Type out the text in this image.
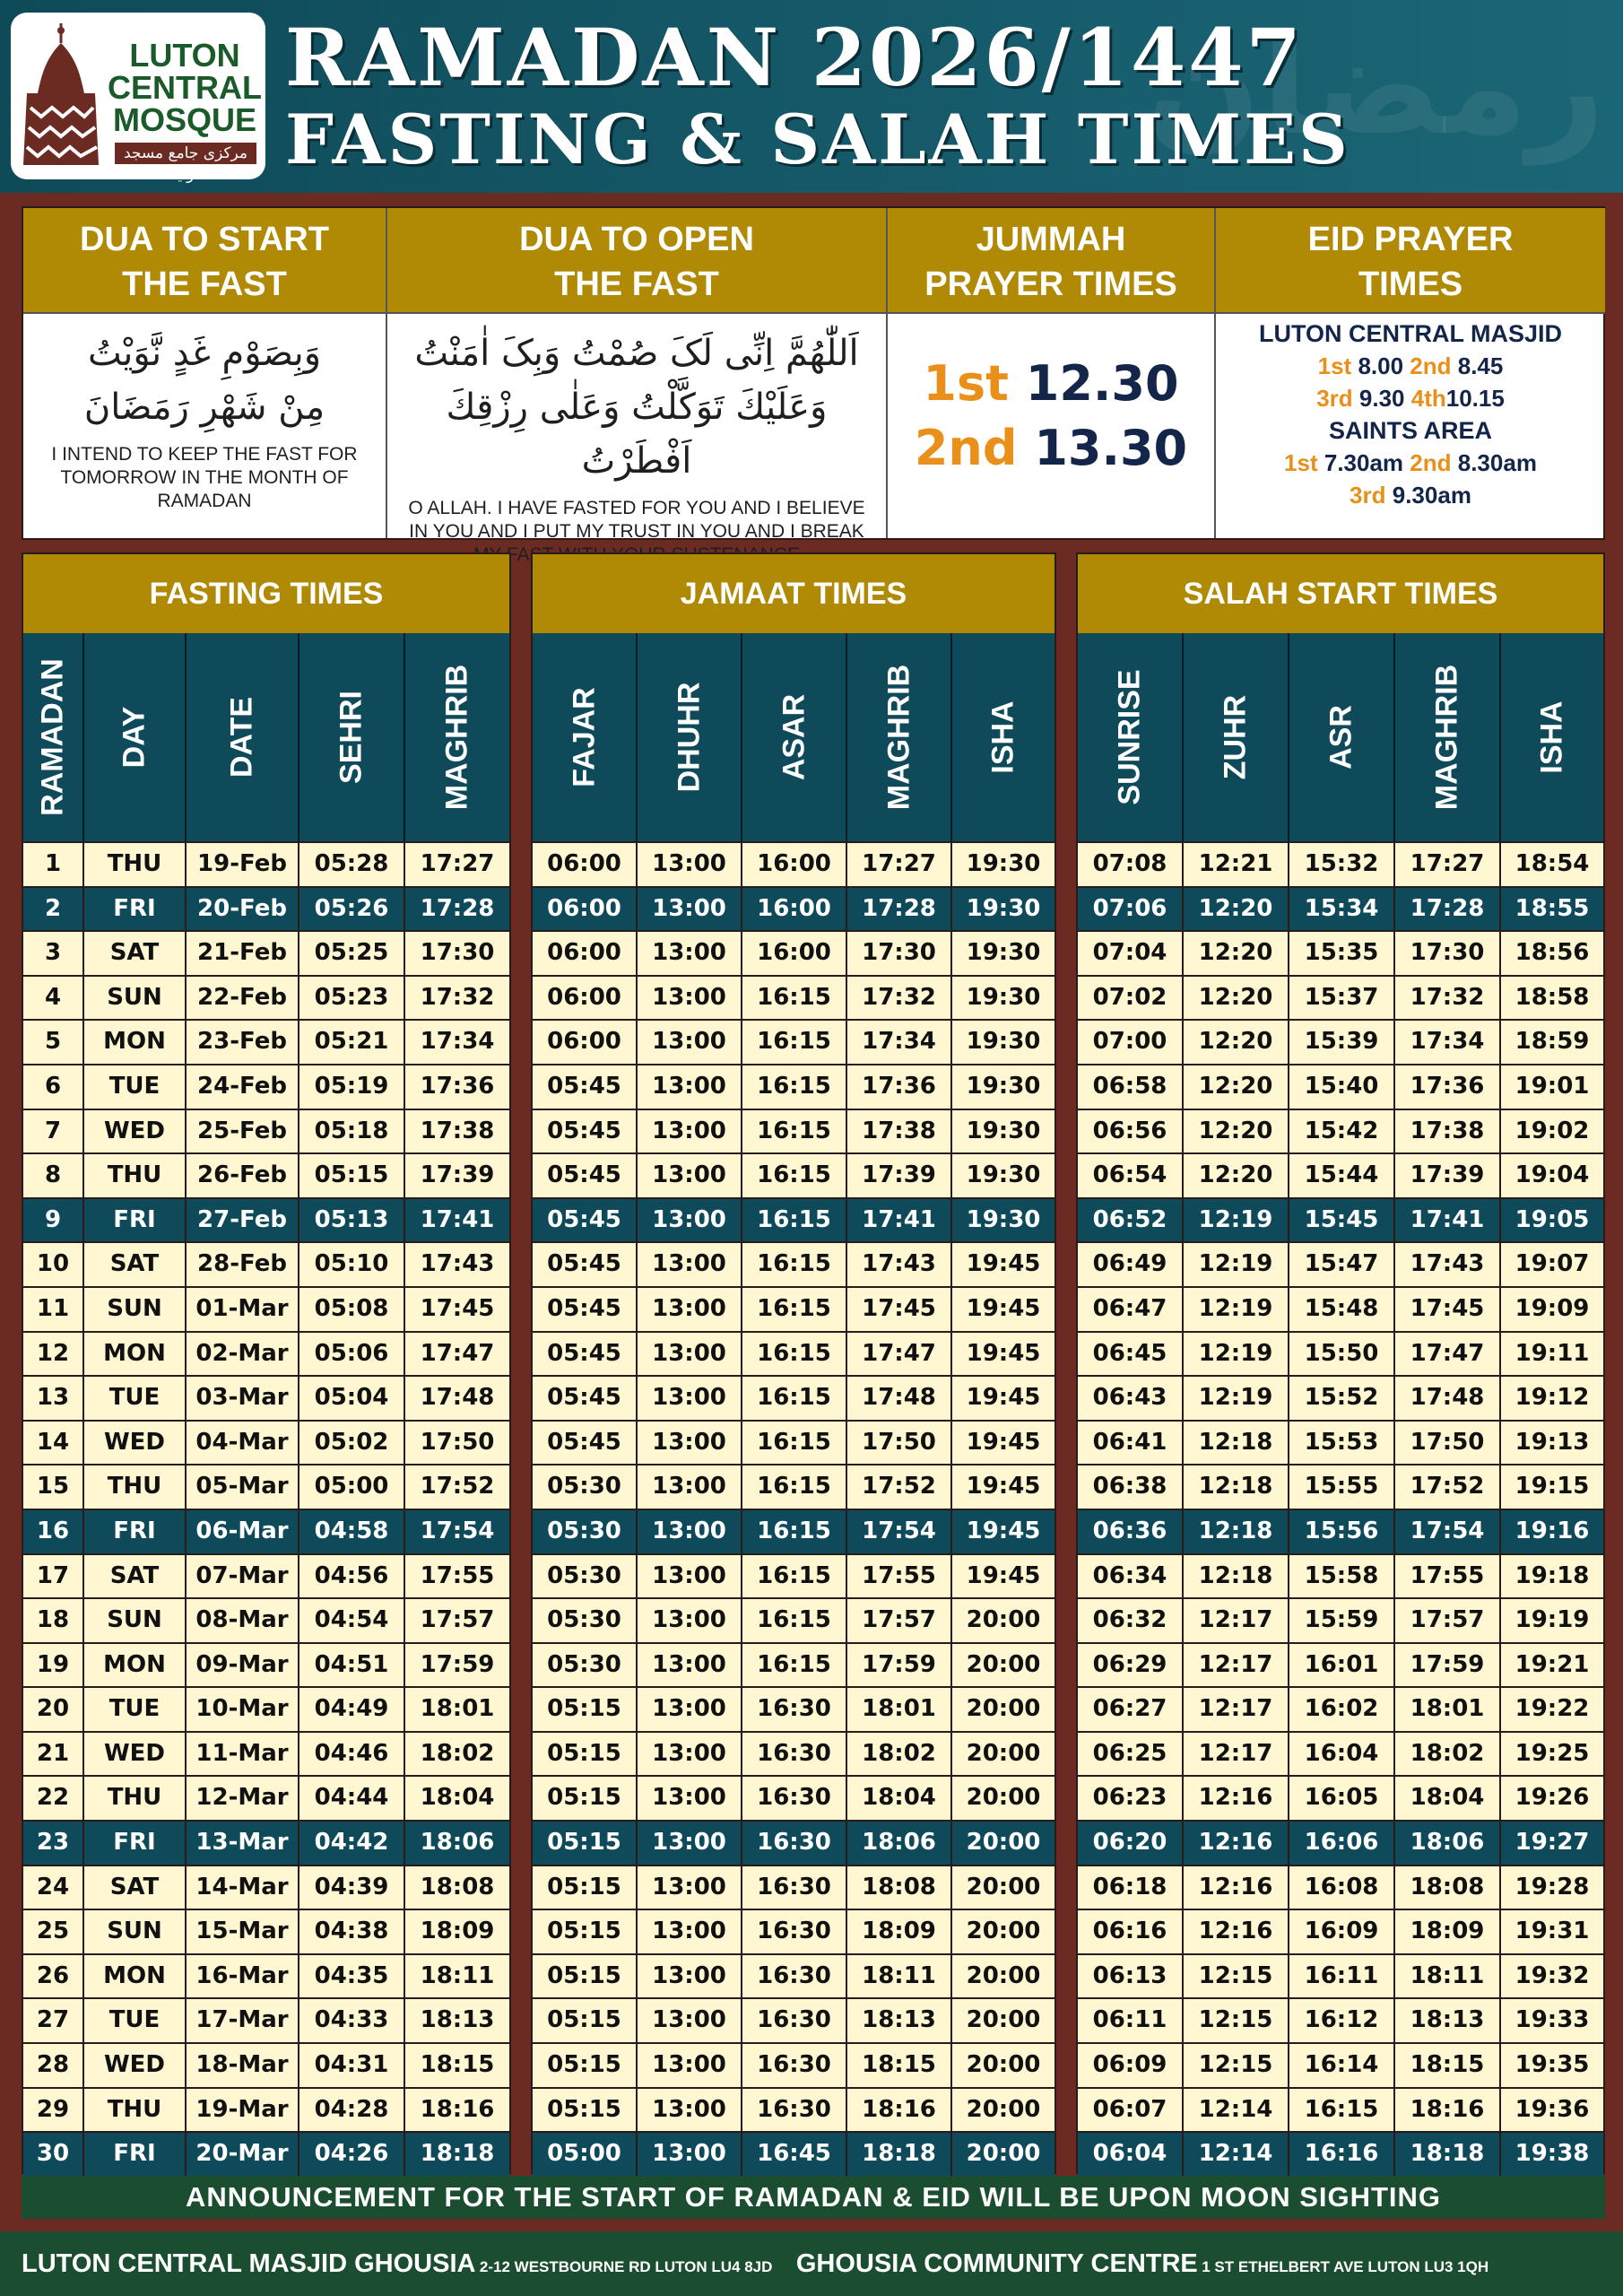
رمضان
LUTON
CENTRAL
MOSQUE
مرکزی جامع مسجد غوثیہ
RAMADAN 2026/1447
FASTING & SALAH TIMES
DUA TO START THE FAST
وَبِصَوْمِ غَدٍ نَّوَيْتُ
مِنْ شَهْرِ رَمَضَانَ
I INTEND TO KEEP THE FAST FOR TOMORROW IN THE MONTH OF RAMADAN
DUA TO OPEN THE FAST
اَللّٰهُمَّ اِنِّی لَکَ صُمْتُ وَبِکَ اٰمَنْتُ
وَعَلَيْكَ تَوَكَّلْتُ وَعَلٰى رِزْقِكَ اَفْطَرْتُ
O ALLAH. I HAVE FASTED FOR YOU AND I BELIEVE IN YOU AND I PUT MY TRUST IN YOU AND I BREAK FAST
JUMMAH PRAYER TIMES
1st 12.30
2nd 13.30
EID PRAYER TIMES
LUTON CENTRAL MASJID
1st 8.00 2nd 8.45
3rd 9.30 4th10.15
SAINTS AREA
1st 7.30am 2nd 8.30am
3rd 9.30am
FASTING TIMES
RAMADAN DAY DATE SEHRI MAGHRIB
1	THU	19-Feb	05:28	17:27
2	FRI	20-Feb	05:26	17:28
3	SAT	21-Feb	05:25	17:30
4	SUN	22-Feb	05:23	17:32
5	MON	23-Feb	05:21	17:34
6	TUE	24-Feb	05:19	17:36
7	WED	25-Feb	05:18	17:38
8	THU	26-Feb	05:15	17:39
9	FRI	27-Feb	05:13	17:41
10	SAT	28-Feb	05:10	17:43
11	SUN	01-Mar	05:08	17:45
12	MON	02-Mar	05:06	17:47
13	TUE	03-Mar	05:04	17:48
14	WED	04-Mar	05:02	17:50
15	THU	05-Mar	05:00	17:52
16	FRI	06-Mar	04:58	17:54
17	SAT	07-Mar	04:56	17:55
18	SUN	08-Mar	04:54	17:57
19	MON	09-Mar	04:51	17:59
20	TUE	10-Mar	04:49	18:01
21	WED	11-Mar	04:46	18:02
22	THU	12-Mar	04:44	18:04
23	FRI	13-Mar	04:42	18:06
24	SAT	14-Mar	04:39	18:08
25	SUN	15-Mar	04:38	18:09
26	MON	16-Mar	04:35	18:11
27	TUE	17-Mar	04:33	18:13
28	WED	18-Mar	04:31	18:15
29	THU	19-Mar	04:28	18:16
30	FRI	20-Mar	04:26	18:18
JAMAAT TIMES
FAJAR DHUHR ASAR MAGHRIB ISHA
06:00	13:00	16:00	17:27	19:30
06:00	13:00	16:00	17:28	19:30
06:00	13:00	16:00	17:30	19:30
06:00	13:00	16:15	17:32	19:30
06:00	13:00	16:15	17:34	19:30
05:45	13:00	16:15	17:36	19:30
05:45	13:00	16:15	17:38	19:30
05:45	13:00	16:15	17:39	19:30
05:45	13:00	16:15	17:41	19:30
05:45	13:00	16:15	17:43	19:45
05:45	13:00	16:15	17:45	19:45
05:45	13:00	16:15	17:47	19:45
05:45	13:00	16:15	17:48	19:45
05:45	13:00	16:15	17:50	19:45
05:30	13:00	16:15	17:52	19:45
05:30	13:00	16:15	17:54	19:45
05:30	13:00	16:15	17:55	19:45
05:30	13:00	16:15	17:57	20:00
05:30	13:00	16:15	17:59	20:00
05:15	13:00	16:30	18:01	20:00
05:15	13:00	16:30	18:02	20:00
05:15	13:00	16:30	18:04	20:00
05:15	13:00	16:30	18:06	20:00
05:15	13:00	16:30	18:08	20:00
05:15	13:00	16:30	18:09	20:00
05:15	13:00	16:30	18:11	20:00
05:15	13:00	16:30	18:13	20:00
05:15	13:00	16:30	18:15	20:00
05:15	13:00	16:30	18:16	20:00
05:00	13:00	16:45	18:18	20:00
SALAH START TIMES
SUNRISE ZUHR ASR MAGHRIB ISHA
07:08	12:21	15:32	17:27	18:54
07:06	12:20	15:34	17:28	18:55
07:04	12:20	15:35	17:30	18:56
07:02	12:20	15:37	17:32	18:58
07:00	12:20	15:39	17:34	18:59
06:58	12:20	15:40	17:36	19:01
06:56	12:20	15:42	17:38	19:02
06:54	12:20	15:44	17:39	19:04
06:52	12:19	15:45	17:41	19:05
06:49	12:19	15:47	17:43	19:07
06:47	12:19	15:48	17:45	19:09
06:45	12:19	15:50	17:47	19:11
06:43	12:19	15:52	17:48	19:12
06:41	12:18	15:53	17:50	19:13
06:38	12:18	15:55	17:52	19:15
06:36	12:18	15:56	17:54	19:16
06:34	12:18	15:58	17:55	19:18
06:32	12:17	15:59	17:57	19:19
06:29	12:17	16:01	17:59	19:21
06:27	12:17	16:02	18:01	19:22
06:25	12:17	16:04	18:02	19:25
06:23	12:16	16:05	18:04	19:26
06:20	12:16	16:06	18:06	19:27
06:18	12:16	16:08	18:08	19:28
06:16	12:16	16:09	18:09	19:31
06:13	12:15	16:11	18:11	19:32
06:11	12:15	16:12	18:13	19:33
06:09	12:15	16:14	18:15	19:35
06:07	12:14	16:15	18:16	19:36
06:04	12:14	16:16	18:18	19:38
ANNOUNCEMENT FOR THE START OF RAMADAN & EID WILL BE UPON MOON SIGHTING
LUTON CENTRAL MASJID GHOUSIA 2-12 WESTBOURNE RD LUTON LU4 8JD GHOUSIA COMMUNITY CENTRE 1 ST ETHELBERT AVE LUTON LU3 1QH
